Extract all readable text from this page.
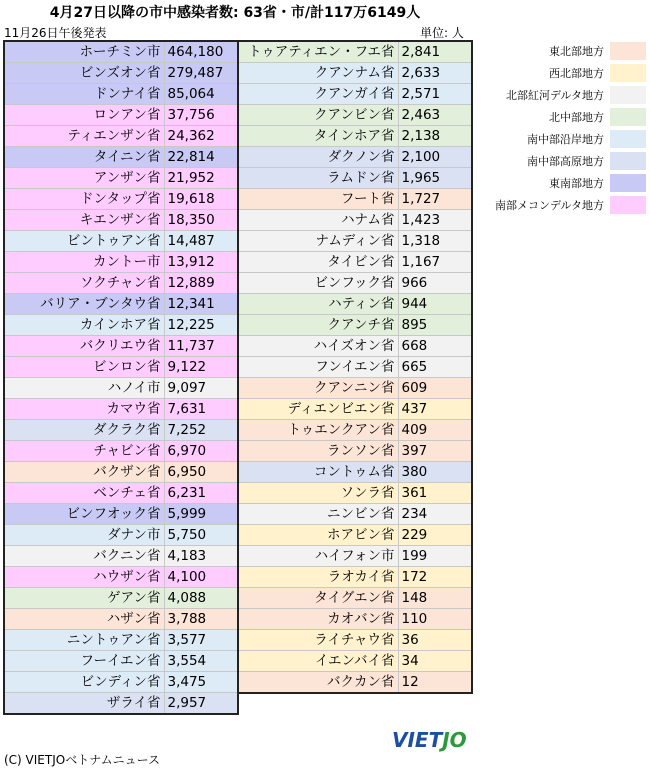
4月27日以降の市中感染者数: 63省・市/計117万6149人
11月26日午後発表	単位: 人
ホーチミン市	464,180
ビンズオン省	279,487
ドンナイ省	85,064
ロンアン省	37,756
ティエンザン省	24,362
タイニン省	22,814
アンザン省	21,952
ドンタップ省	19,618
キエンザン省	18,350
ビントゥアン省	14,487
カントー市	13,912
ソクチャン省	12,889
バリア・ブンタウ省	12,341
カインホア省	12,225
バクリエウ省	11,737
ビンロン省	9,122
ハノイ市	9,097
カマウ省	7,631
ダクラク省	7,252
チャビン省	6,970
バクザン省	6,950
ベンチェ省	6,231
ビンフオック省	5,999
ダナン市	5,750
バクニン省	4,183
ハウザン省	4,100
ゲアン省	4,088
ハザン省	3,788
ニントゥアン省	3,577
フーイエン省	3,554
ビンディン省	3,475
ザライ省	2,957
トゥアティエン・フエ省	2,841
クアンナム省	2,633
クアンガイ省	2,571
クアンビン省	2,463
タインホア省	2,138
ダクノン省	2,100
ラムドン省	1,965
フート省	1,727
ハナム省	1,423
ナムディン省	1,318
タイビン省	1,167
ビンフック省	966
ハティン省	944
クアンチ省	895
ハイズオン省	668
フンイエン省	665
クアンニン省	609
ディエンビエン省	437
トゥエンクアン省	409
ランソン省	397
コントゥム省	380
ソンラ省	361
ニンビン省	234
ホアビン省	229
ハイフォン市	199
ラオカイ省	172
タイグエン省	148
カオバン省	110
ライチャウ省	36
イエンバイ省	34
バクカン省	12
東北部地方
西北部地方
北部紅河デルタ地方
北中部地方
南中部沿岸地方
南中部高原地方
東南部地方
南部メコンデルタ地方
VIETJO
(C) VIETJOベトナムニュース
